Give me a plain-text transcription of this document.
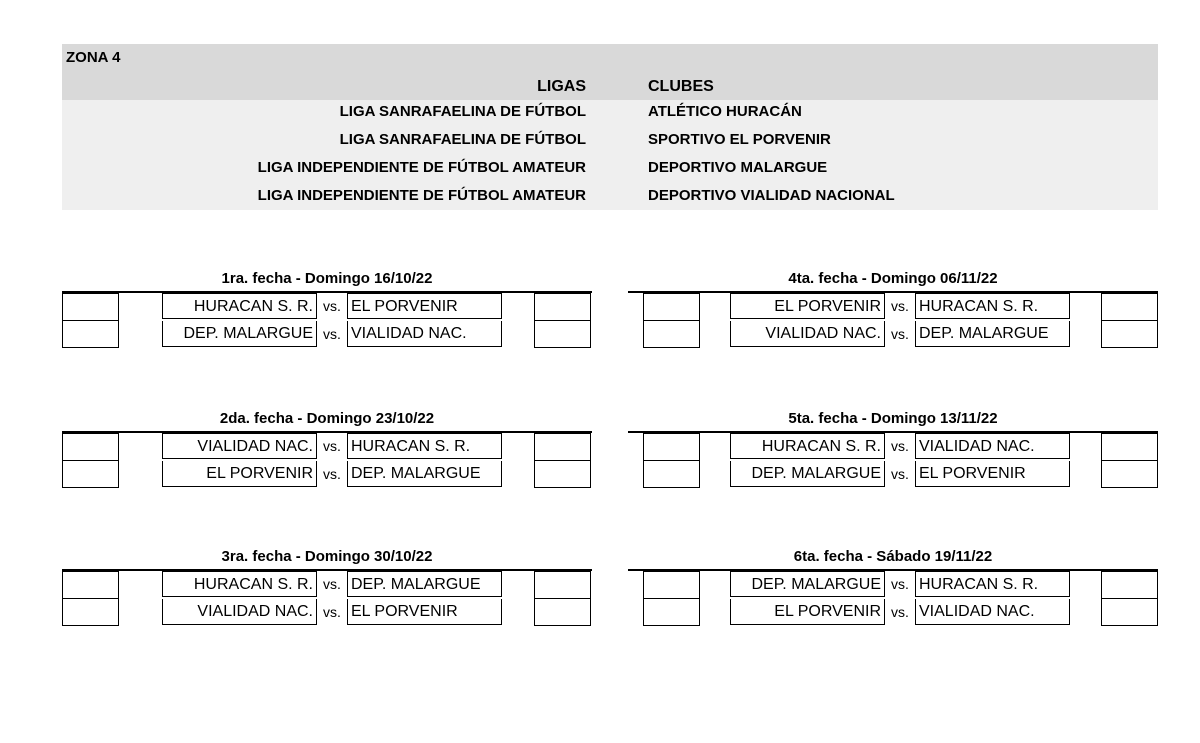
ZONA 4
LIGAS	CLUBES
LIGA SANRAFAELINA DE FÚTBOL	ATLÉTICO HURACÁN
LIGA SANRAFAELINA DE FÚTBOL	SPORTIVO EL PORVENIR
LIGA INDEPENDIENTE DE FÚTBOL AMATEUR	DEPORTIVO MALARGUE
LIGA INDEPENDIENTE DE FÚTBOL AMATEUR	DEPORTIVO VIALIDAD NACIONAL
1ra. fecha - Domingo 16/10/22
HURACAN S. R. vs. EL PORVENIR
DEP. MALARGUE vs. VIALIDAD NAC.
4ta. fecha - Domingo 06/11/22
EL PORVENIR vs. HURACAN S. R.
VIALIDAD NAC. vs. DEP. MALARGUE
2da. fecha - Domingo 23/10/22
VIALIDAD NAC. vs. HURACAN S. R.
EL PORVENIR vs. DEP. MALARGUE
5ta. fecha - Domingo 13/11/22
HURACAN S. R. vs. VIALIDAD NAC.
DEP. MALARGUE vs. EL PORVENIR
3ra. fecha - Domingo 30/10/22
HURACAN S. R. vs. DEP. MALARGUE
VIALIDAD NAC. vs. EL PORVENIR
6ta. fecha - Sábado 19/11/22
DEP. MALARGUE vs. HURACAN S. R.
EL PORVENIR vs. VIALIDAD NAC.
